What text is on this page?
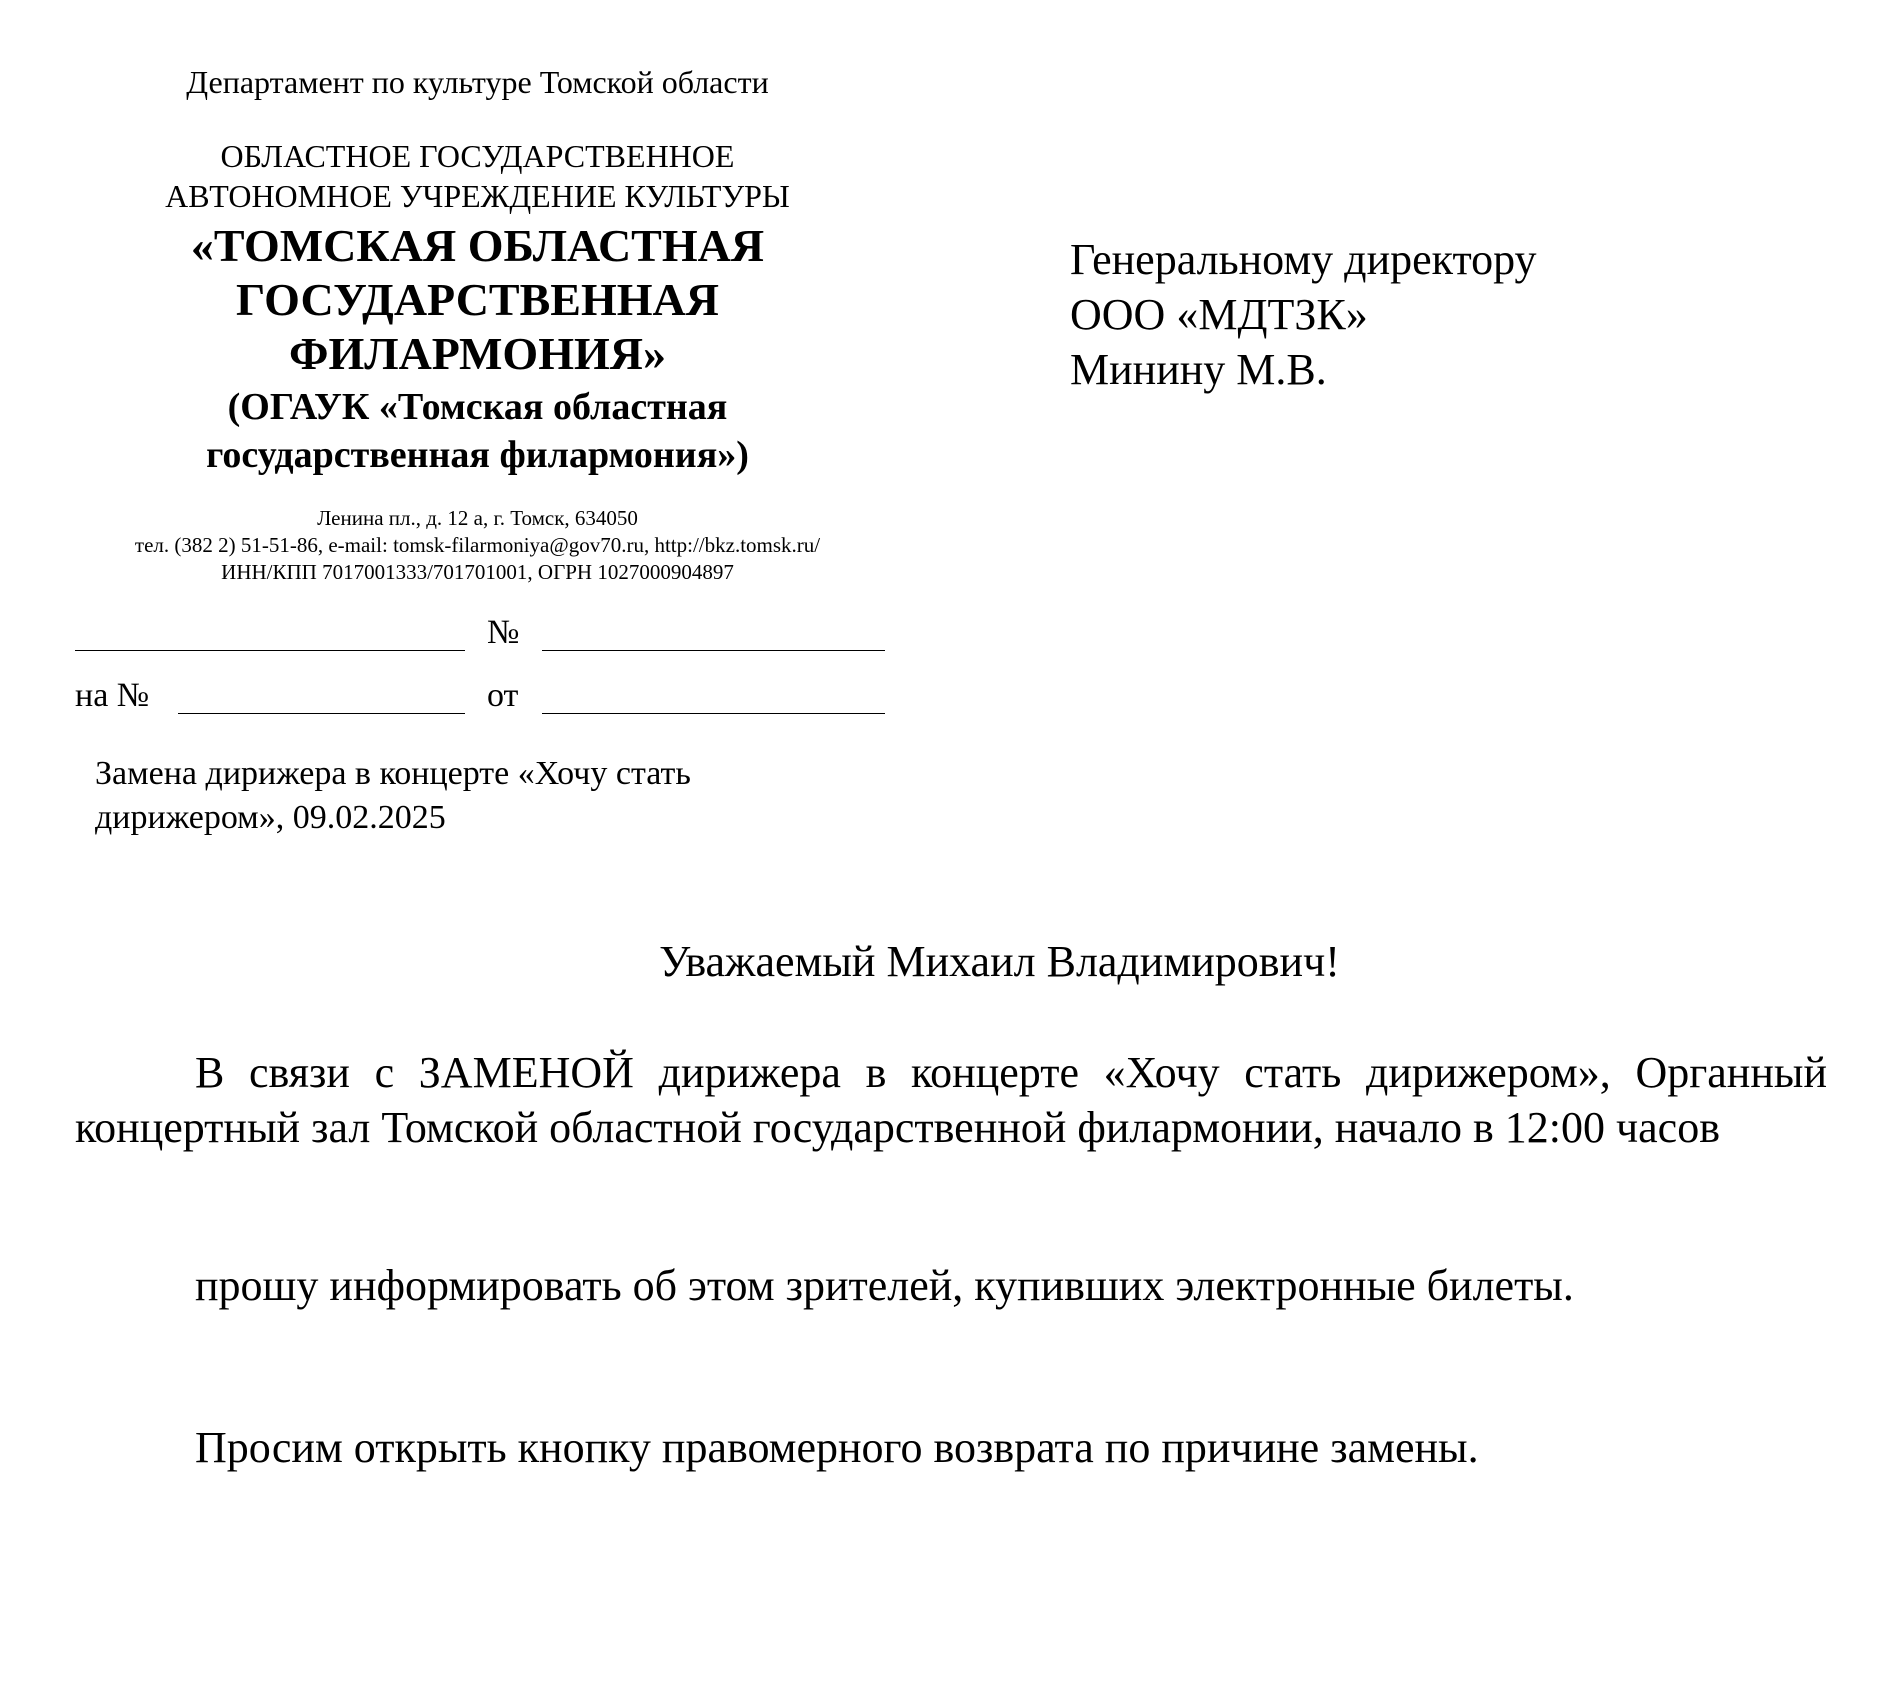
Департамент по культуре Томской области
ОБЛАСТНОЕ ГОСУДАРСТВЕННОЕ
АВТОНОМНОЕ УЧРЕЖДЕНИЕ КУЛЬТУРЫ
«ТОМСКАЯ ОБЛАСТНАЯ
ГОСУДАРСТВЕННАЯ
ФИЛАРМОНИЯ»
(ОГАУК «Томская областная
государственная филармония»)
Ленина пл., д. 12 а, г. Томск, 634050
тел. (382 2) 51-51-86, e-mail: tomsk-filarmoniya@gov70.ru, http://bkz.tomsk.ru/
ИНН/КПП 7017001333/701701001, ОГРН 1027000904897
№
на №	от
Замена дирижера в концерте «Хочу стать
дирижером», 09.02.2025
Генеральному директору
ООО «МДТЗК»
Минину М.В.
Уважаемый Михаил Владимирович!
В связи с ЗАМЕНОЙ дирижера в концерте «Хочу стать дирижером», Органный концертный зал Томской областной государственной филармонии, начало в 12:00 часов
прошу информировать об этом зрителей, купивших электронные билеты.
Просим открыть кнопку правомерного возврата по причине замены.
